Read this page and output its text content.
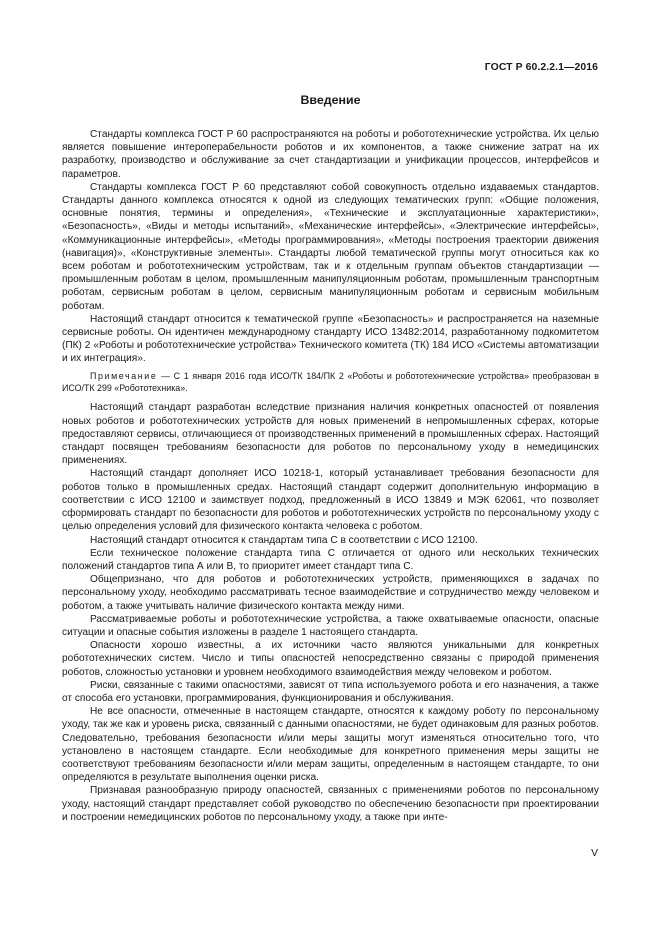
ГОСТ Р 60.2.2.1—2016
Введение

Стандарты комплекса ГОСТ Р 60 распространяются на роботы и робототехнические устройства. Их целью является повышение интероперабельности роботов и их компонентов, а также снижение затрат на их разработку, производство и обслуживание за счет стандартизации и унификации процессов, интерфейсов и параметров.

Стандарты комплекса ГОСТ Р 60 представляют собой совокупность отдельно издаваемых стандартов. Стандарты данного комплекса относятся к одной из следующих тематических групп: «Общие положения, основные понятия, термины и определения», «Технические и эксплуатационные характеристики», «Безопасность», «Виды и методы испытаний», «Механические интерфейсы», «Электрические интерфейсы», «Коммуникационные интерфейсы», «Методы программирования», «Методы построения траектории движения (навигация)», «Конструктивные элементы». Стандарты любой тематической группы могут относиться как ко всем роботам и робототехническим устройствам, так и к отдельным группам объектов стандартизации — промышленным роботам в целом, промышленным манипуляционным роботам, промышленным транспортным роботам, сервисным роботам в целом, сервисным манипуляционным роботам и сервисным мобильным роботам.

Настоящий стандарт относится к тематической группе «Безопасность» и распространяется на наземные сервисные роботы. Он идентичен международному стандарту ИСО 13482:2014, разработанному подкомитетом (ПК) 2 «Роботы и робототехнические устройства» Технического комитета (ТК) 184 ИСО «Системы автоматизации и их интеграция».

Примечание — С 1 января 2016 года ИСО/ТК 184/ПК 2 «Роботы и робототехнические устройства» преобразован в ИСО/ТК 299 «Робототехника».

Настоящий стандарт разработан вследствие признания наличия конкретных опасностей от появления новых роботов и робототехнических устройств для новых применений в непромышленных сферах, которые предоставляют сервисы, отличающиеся от производственных применений в промышленных сферах. Настоящий стандарт посвящен требованиям безопасности для роботов по персональному уходу в немедицинских применениях.

Настоящий стандарт дополняет ИСО 10218-1, который устанавливает требования безопасности для роботов только в промышленных средах. Настоящий стандарт содержит дополнительную информацию в соответствии с ИСО 12100 и заимствует подход, предложенный в ИСО 13849 и МЭК 62061, что позволяет сформировать стандарт по безопасности для роботов и робототехнических устройств по персональному уходу с целью определения условий для физического контакта человека с роботом.

Настоящий стандарт относится к стандартам типа С в соответствии с ИСО 12100.

Если техническое положение стандарта типа С отличается от одного или нескольких технических положений стандартов типа А или В, то приоритет имеет стандарт типа С.

Общепризнано, что для роботов и робототехнических устройств, применяющихся в задачах по персональному уходу, необходимо рассматривать тесное взаимодействие и сотрудничество между человеком и роботом, а также учитывать наличие физического контакта между ними.

Рассматриваемые роботы и робототехнические устройства, а также охватываемые опасности, опасные ситуации и опасные события изложены в разделе 1 настоящего стандарта.

Опасности хорошо известны, а их источники часто являются уникальными для конкретных робототехнических систем. Число и типы опасностей непосредственно связаны с природой применения роботов, сложностью установки и уровнем необходимого взаимодействия между человеком и роботом.

Риски, связанные с такими опасностями, зависят от типа используемого робота и его назначения, а также от способа его установки, программирования, функционирования и обслуживания.

Не все опасности, отмеченные в настоящем стандарте, относятся к каждому роботу по персональному уходу, так же как и уровень риска, связанный с данными опасностями, не будет одинаковым для разных роботов. Следовательно, требования безопасности и/или меры защиты могут изменяться относительно того, что установлено в настоящем стандарте. Если необходимые для конкретного применения меры защиты не соответствуют требованиям безопасности и/или мерам защиты, определенным в настоящем стандарте, то они определяются в результате выполнения оценки риска.

Признавая разнообразную природу опасностей, связанных с применениями роботов по персональному уходу, настоящий стандарт представляет собой руководство по обеспечению безопасности при проектировании и построении немедицинских роботов по персональному уходу, а также при инте-

V
